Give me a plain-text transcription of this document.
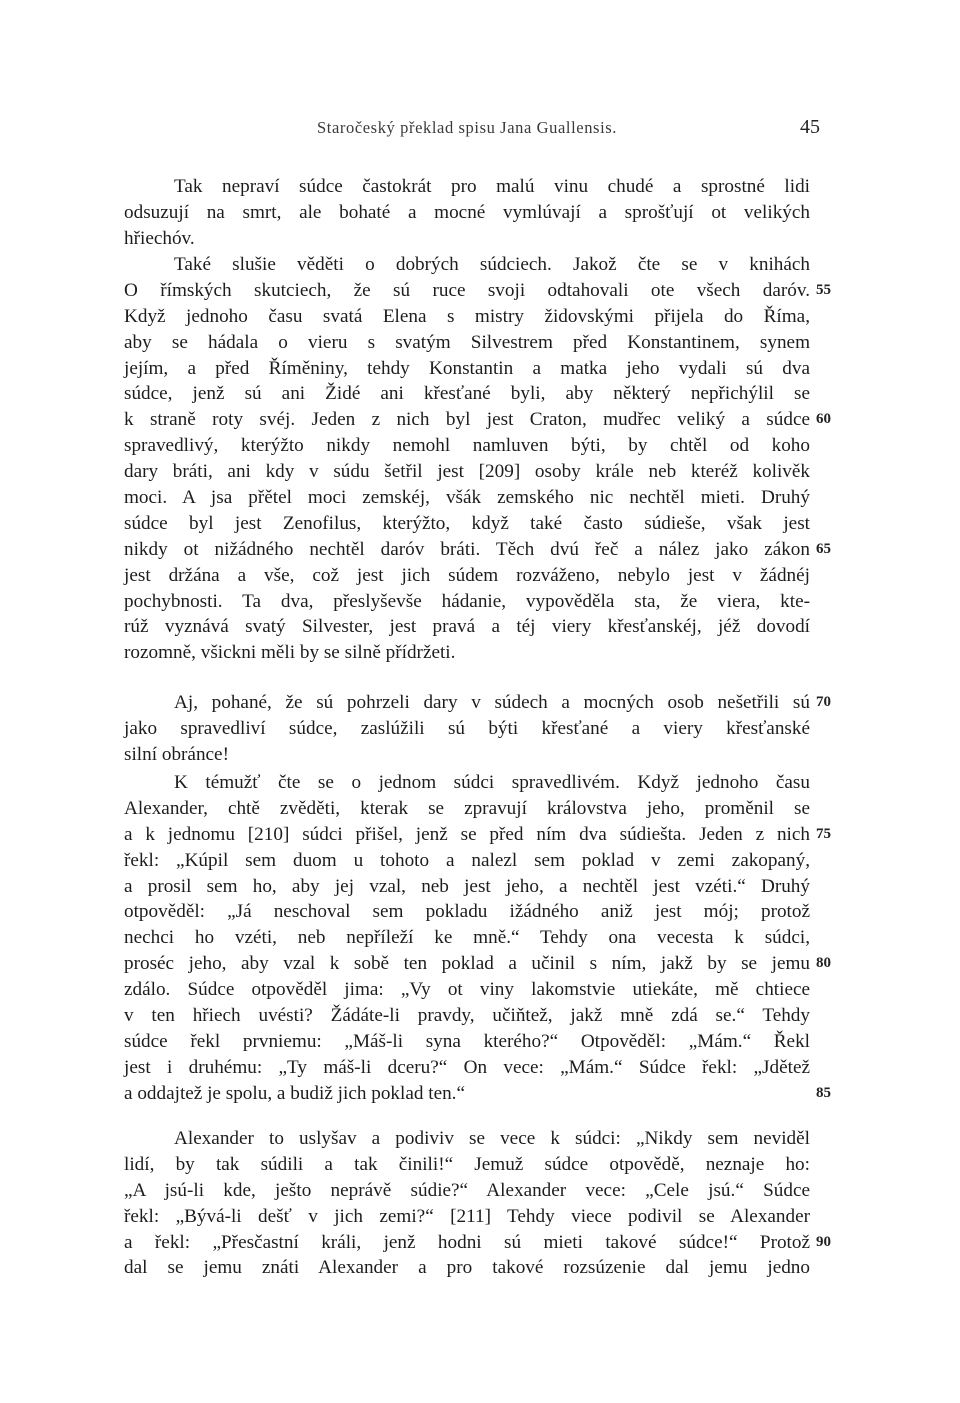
Staročeský překlad spisu Jana Guallensis.	45
Tak nepraví súdce častokrát pro malú vinu chudé a sprostné lidi
odsuzují na smrt, ale bohaté a mocné vymlúvají a sprošťují ot velikých
hřiechóv.
Také slušie věděti o dobrých súdciech. Jakož čte se v knihách
O římských skutciech, že sú ruce svoji odtahovali ote všech daróv. 55
Když jednoho času svatá Elena s mistry židovskými přijela do Říma,
aby se hádala o vieru s svatým Silvestrem před Konstantinem, synem
jejím, a před Říměniny, tehdy Konstantin a matka jeho vydali sú dva
súdce, jenž sú ani Židé ani křesťané byli, aby některý nepřichýlil se
k straně roty svéj. Jeden z nich byl jest Craton, mudřec veliký a súdce 60
spravedlivý, kterýžto nikdy nemohl namluven býti, by chtěl od koho
dary bráti, ani kdy v súdu šetřil jest [209] osoby krále neb kteréž kolivěk
moci. A jsa přětel moci zemskéj, všák zemského nic nechtěl mieti. Druhý
súdce byl jest Zenofilus, kterýžto, když také často súdieše, však jest
nikdy ot nižádného nechtěl daróv bráti. Těch dvú řeč a nález jako zákon 65
jest držána a vše, což jest jich súdem rozváženo, nebylo jest v žádnéj
pochybnosti. Ta dva, přeslyševše hádanie, vypověděla sta, že viera, kte-
rúž vyznává svatý Silvester, jest pravá a téj viery křesťanskéj, jéž dovodí
rozomně, všickni měli by se silně přídržeti.
Aj, pohané, že sú pohrzeli dary v súdech a mocných osob nešetřili sú 70
jako spravedliví súdce, zaslúžili sú býti křesťané a viery křesťanské
silní obránce!
K témužť čte se o jednom súdci spravedlivém. Když jednoho času
Alexander, chtě zvěděti, kterak se zpravují královstva jeho, proměnil se
a k jednomu [210] súdci přišel, jenž se před ním dva súdiešta. Jeden z nich 75
řekl: „Kúpil sem duom u tohoto a nalezl sem poklad v zemi zakopaný,
a prosil sem ho, aby jej vzal, neb jest jeho, a nechtěl jest vzéti.“ Druhý
otpověděl: „Já neschoval sem pokladu ižádného aniž jest mój; protož
nechci ho vzéti, neb nepříleží ke mně.“ Tehdy ona vecesta k súdci,
proséc jeho, aby vzal k sobě ten poklad a učinil s ním, jakž by se jemu 80
zdálo. Súdce otpověděl jima: „Vy ot viny lakomstvie utiekáte, mě chtiece
v ten hřiech uvésti? Žádáte-li pravdy, učiňtež, jakž mně zdá se.“ Tehdy
súdce řekl prvniemu: „Máš-li syna kterého?“ Otpověděl: „Mám.“ Řekl
jest i druhému: „Ty máš-li dceru?“ On vece: „Mám.“ Súdce řekl: „Jdětež
a oddajtež je spolu, a budiž jich poklad ten.“	85
Alexander to uslyšav a podiviv se vece k súdci: „Nikdy sem neviděl
lidí, by tak súdili a tak činili!“ Jemuž súdce otpovědě, neznaje ho:
„A jsú-li kde, ješto neprávě súdie?“ Alexander vece: „Cele jsú.“ Súdce
řekl: „Bývá-li dešť v jich zemi?“ [211] Tehdy viece podivil se Alexander
a řekl: „Přesčastní králi, jenž hodni sú mieti takové súdce!“ Protož 90
dal se jemu znáti Alexander a pro takové rozsúzenie dal jemu jedno
